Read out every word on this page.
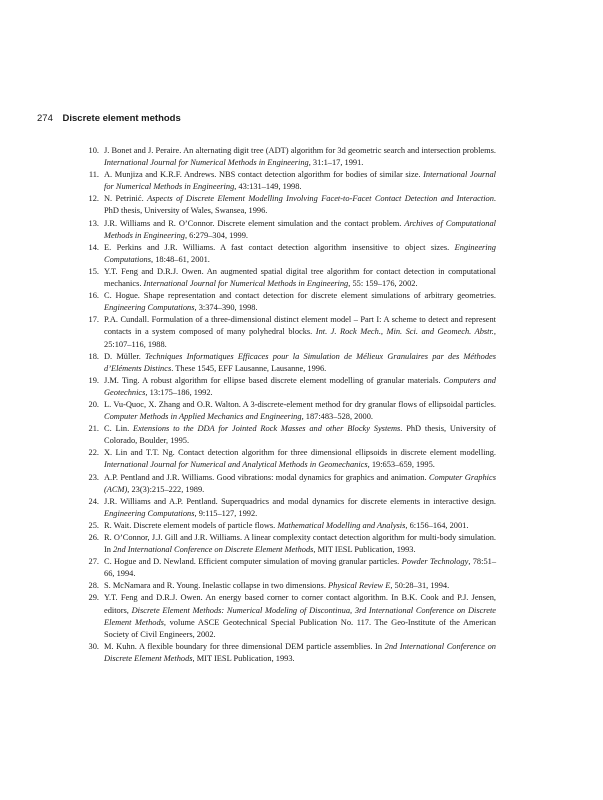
274 Discrete element methods
10. J. Bonet and J. Peraire. An alternating digit tree (ADT) algorithm for 3d geometric search and intersection problems. International Journal for Numerical Methods in Engineering, 31:1–17, 1991.
11. A. Munjiza and K.R.F. Andrews. NBS contact detection algorithm for bodies of similar size. International Journal for Numerical Methods in Engineering, 43:131–149, 1998.
12. N. Petrinić. Aspects of Discrete Element Modelling Involving Facet-to-Facet Contact Detection and Interaction. PhD thesis, University of Wales, Swansea, 1996.
13. J.R. Williams and R. O’Connor. Discrete element simulation and the contact problem. Archives of Computational Methods in Engineering, 6:279–304, 1999.
14. E. Perkins and J.R. Williams. A fast contact detection algorithm insensitive to object sizes. Engineering Computations, 18:48–61, 2001.
15. Y.T. Feng and D.R.J. Owen. An augmented spatial digital tree algorithm for contact detection in computational mechanics. International Journal for Numerical Methods in Engineering, 55: 159–176, 2002.
16. C. Hogue. Shape representation and contact detection for discrete element simulations of arbitrary geometries. Engineering Computations, 3:374–390, 1998.
17. P.A. Cundall. Formulation of a three-dimensional distinct element model – Part I: A scheme to detect and represent contacts in a system composed of many polyhedral blocks. Int. J. Rock Mech., Min. Sci. and Geomech. Abstr., 25:107–116, 1988.
18. D. Müller. Techniques Informatiques Efficaces pour la Simulation de Mélieux Granulaires par des Méthodes d’Eléments Distincs. These 1545, EFF Lausanne, Lausanne, 1996.
19. J.M. Ting. A robust algorithm for ellipse based discrete element modelling of granular materials. Computers and Geotechnics, 13:175–186, 1992.
20. L. Vu-Quoc, X. Zhang and O.R. Walton. A 3-discrete-element method for dry granular flows of ellipsoidal particles. Computer Methods in Applied Mechanics and Engineering, 187:483–528, 2000.
21. C. Lin. Extensions to the DDA for Jointed Rock Masses and other Blocky Systems. PhD thesis, University of Colorado, Boulder, 1995.
22. X. Lin and T.T. Ng. Contact detection algorithm for three dimensional ellipsoids in discrete element modelling. International Journal for Numerical and Analytical Methods in Geomechanics, 19:653–659, 1995.
23. A.P. Pentland and J.R. Williams. Good vibrations: modal dynamics for graphics and animation. Computer Graphics (ACM), 23(3):215–222, 1989.
24. J.R. Williams and A.P. Pentland. Superquadrics and modal dynamics for discrete elements in interactive design. Engineering Computations, 9:115–127, 1992.
25. R. Wait. Discrete element models of particle flows. Mathematical Modelling and Analysis, 6:156–164, 2001.
26. R. O’Connor, J.J. Gill and J.R. Williams. A linear complexity contact detection algorithm for multi-body simulation. In 2nd International Conference on Discrete Element Methods, MIT IESL Publication, 1993.
27. C. Hogue and D. Newland. Efficient computer simulation of moving granular particles. Powder Technology, 78:51–66, 1994.
28. S. McNamara and R. Young. Inelastic collapse in two dimensions. Physical Review E, 50:28–31, 1994.
29. Y.T. Feng and D.R.J. Owen. An energy based corner to corner contact algorithm. In B.K. Cook and P.J. Jensen, editors, Discrete Element Methods: Numerical Modeling of Discontinua, 3rd International Conference on Discrete Element Methods, volume ASCE Geotechnical Special Publication No. 117. The Geo-Institute of the American Society of Civil Engineers, 2002.
30. M. Kuhn. A flexible boundary for three dimensional DEM particle assemblies. In 2nd International Conference on Discrete Element Methods, MIT IESL Publication, 1993.
